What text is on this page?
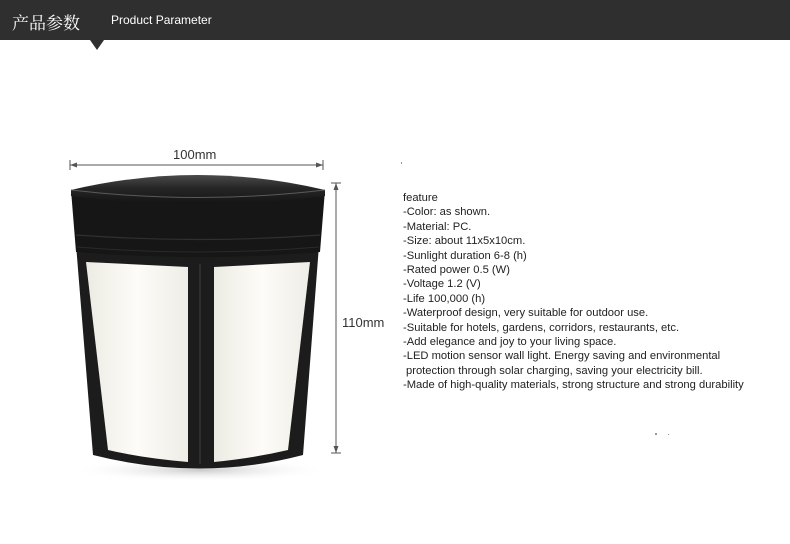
产品参数	Product Parameter
100mm
110mm
feature
-Color: as shown.
-Material: PC.
-Size: about 11x5x10cm.
-Sunlight duration 6-8 (h)
-Rated power 0.5 (W)
-Voltage 1.2 (V)
-Life 100,000 (h)
-Waterproof design, very suitable for outdoor use.
-Suitable for hotels, gardens, corridors, restaurants, etc.
-Add elegance and joy to your living space.
-LED motion sensor wall light. Energy saving and environmental
protection through solar charging, saving your electricity bill.
-Made of high-quality materials, strong structure and strong durability
